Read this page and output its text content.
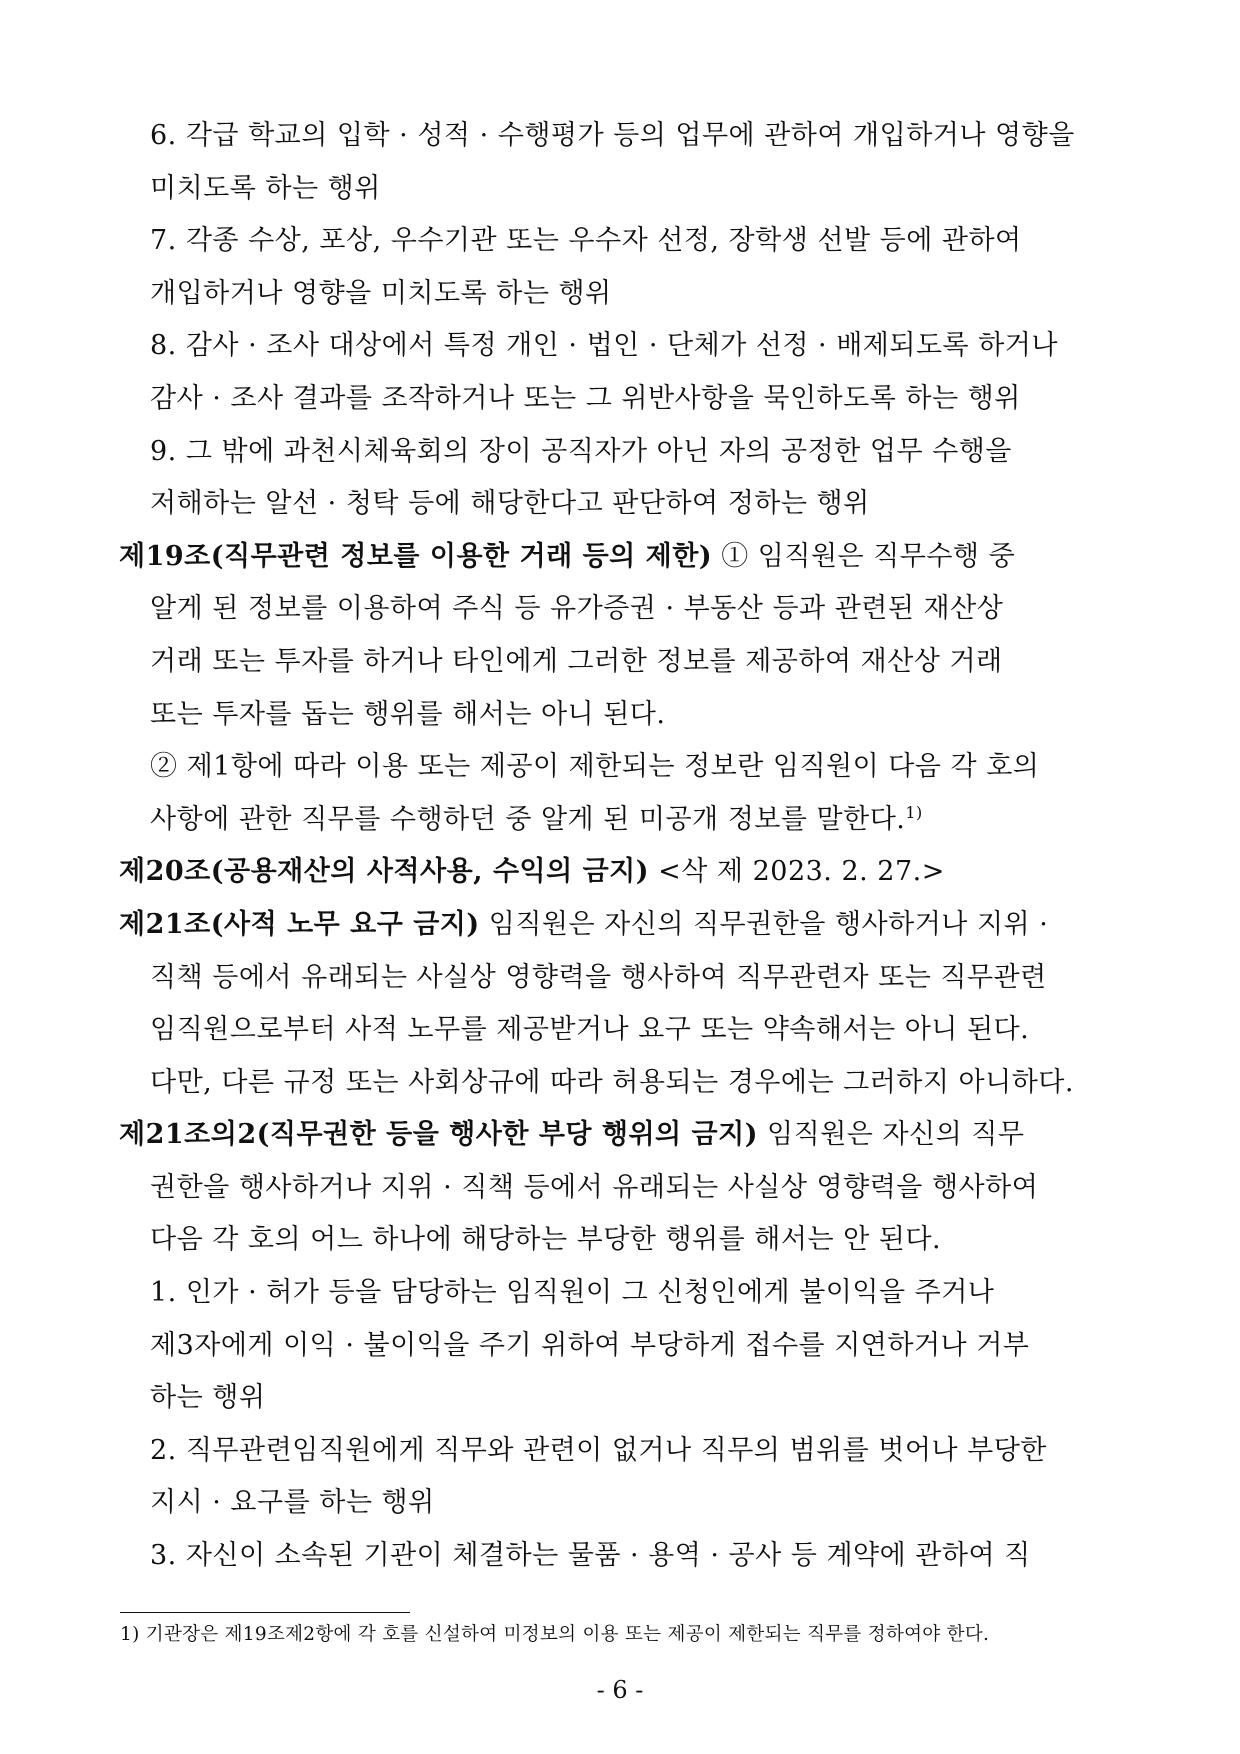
6. 각급 학교의 입학 · 성적 · 수행평가 등의 업무에 관하여 개입하거나 영향을
미치도록 하는 행위
7. 각종 수상, 포상, 우수기관 또는 우수자 선정, 장학생 선발 등에 관하여
개입하거나 영향을 미치도록 하는 행위
8. 감사 · 조사 대상에서 특정 개인 · 법인 · 단체가 선정 · 배제되도록 하거나
감사 · 조사 결과를 조작하거나 또는 그 위반사항을 묵인하도록 하는 행위
9. 그 밖에 과천시체육회의 장이 공직자가 아닌 자의 공정한 업무 수행을
저해하는 알선 · 청탁 등에 해당한다고 판단하여 정하는 행위
제19조(직무관련 정보를 이용한 거래 등의 제한) ① 임직원은 직무수행 중
알게 된 정보를 이용하여 주식 등 유가증권 · 부동산 등과 관련된 재산상
거래 또는 투자를 하거나 타인에게 그러한 정보를 제공하여 재산상 거래
또는 투자를 돕는 행위를 해서는 아니 된다.
② 제1항에 따라 이용 또는 제공이 제한되는 정보란 임직원이 다음 각 호의
사항에 관한 직무를 수행하던 중 알게 된 미공개 정보를 말한다.$^{1)}$
제20조(공용재산의 사적사용, 수익의 금지) <삭 제 2023. 2. 27.>
제21조(사적 노무 요구 금지) 임직원은 자신의 직무권한을 행사하거나 지위 ·
직책 등에서 유래되는 사실상 영향력을 행사하여 직무관련자 또는 직무관련
임직원으로부터 사적 노무를 제공받거나 요구 또는 약속해서는 아니 된다.
다만, 다른 규정 또는 사회상규에 따라 허용되는 경우에는 그러하지 아니하다.
제21조의2(직무권한 등을 행사한 부당 행위의 금지) 임직원은 자신의 직무
권한을 행사하거나 지위 · 직책 등에서 유래되는 사실상 영향력을 행사하여
다음 각 호의 어느 하나에 해당하는 부당한 행위를 해서는 안 된다.
1. 인가 · 허가 등을 담당하는 임직원이 그 신청인에게 불이익을 주거나
제3자에게 이익 · 불이익을 주기 위하여 부당하게 접수를 지연하거나 거부
하는 행위
2. 직무관련임직원에게 직무와 관련이 없거나 직무의 범위를 벗어나 부당한
지시 · 요구를 하는 행위
3. 자신이 소속된 기관이 체결하는 물품 · 용역 · 공사 등 계약에 관하여 직
1) 기관장은 제19조제2항에 각 호를 신설하여 미정보의 이용 또는 제공이 제한되는 직무를 정하여야 한다.
- 6 -
